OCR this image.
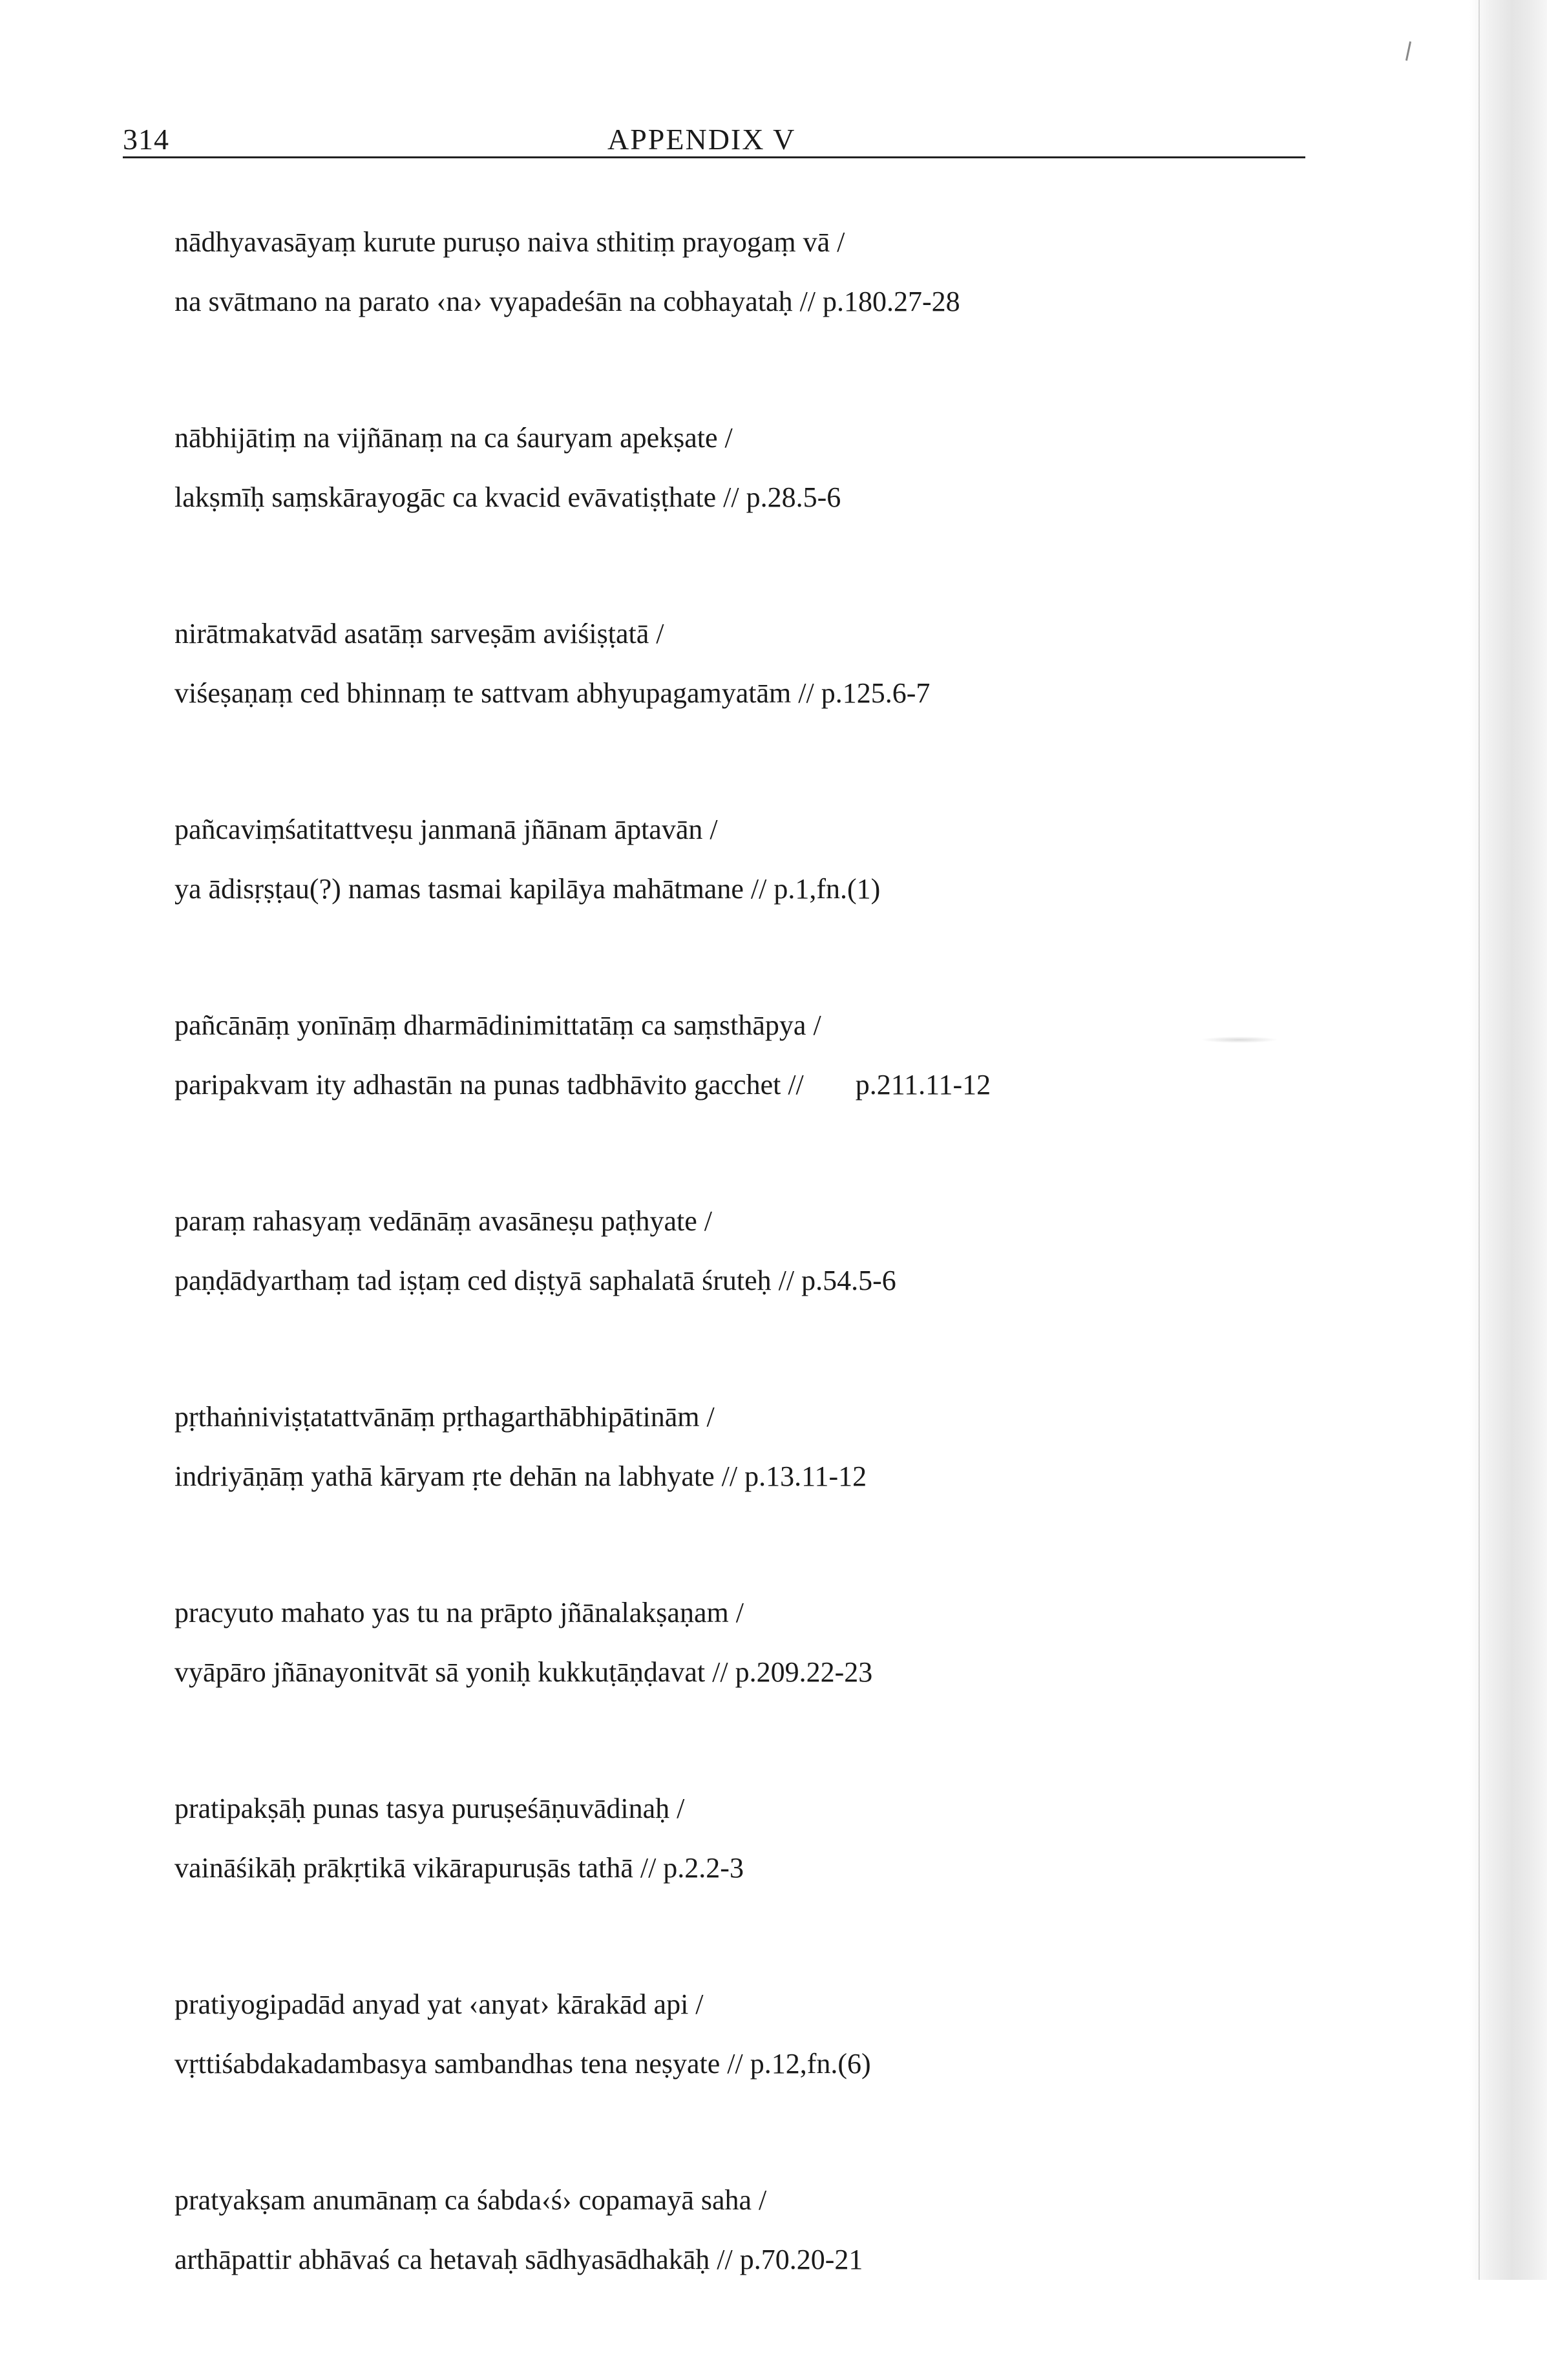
314	APPENDIX V
nādhyavasāyaṃ kurute puruṣo naiva sthitiṃ prayogaṃ vā /
na svātmano na parato ‹na› vyapadeśān na cobhayataḥ // p.180.27-28
nābhijātiṃ na vijñānaṃ na ca śauryam apekṣate /
lakṣmīḥ saṃskārayogāc ca kvacid evāvatiṣṭhate // p.28.5-6
nirātmakatvād asatāṃ sarveṣām aviśiṣṭatā /
viśeṣaṇaṃ ced bhinnaṃ te sattvam abhyupagamyatām // p.125.6-7
pañcaviṃśatitattveṣu janmanā jñānam āptavān /
ya ādisṛṣṭau(?) namas tasmai kapilāya mahātmane // p.1,fn.(1)
pañcānāṃ yonīnāṃ dharmādinimittatāṃ ca saṃsthāpya /
paripakvam ity adhastān na punas tadbhāvito gacchet // p.211.11-12
paraṃ rahasyaṃ vedānāṃ avasāneṣu paṭhyate /
paṇḍādyarthaṃ tad iṣṭaṃ ced diṣṭyā saphalatā śruteḥ // p.54.5-6
pṛthaṅniviṣṭatattvānāṃ pṛthagarthābhipātinām /
indriyāṇāṃ yathā kāryam ṛte dehān na labhyate // p.13.11-12
pracyuto mahato yas tu na prāpto jñānalakṣaṇam /
vyāpāro jñānayonitvāt sā yoniḥ kukkuṭāṇḍavat // p.209.22-23
pratipakṣāḥ punas tasya puruṣeśāṇuvādinaḥ /
vaināśikāḥ prākṛtikā vikārapuruṣās tathā // p.2.2-3
pratiyogipadād anyad yat ‹anyat› kārakād api /
vṛttiśabdakadambasya sambandhas tena neṣyate // p.12,fn.(6)
pratyakṣam anumānaṃ ca śabda‹ś› copamayā saha /
arthāpattir abhāvaś ca hetavaḥ sādhyasādhakāḥ // p.70.20-21
